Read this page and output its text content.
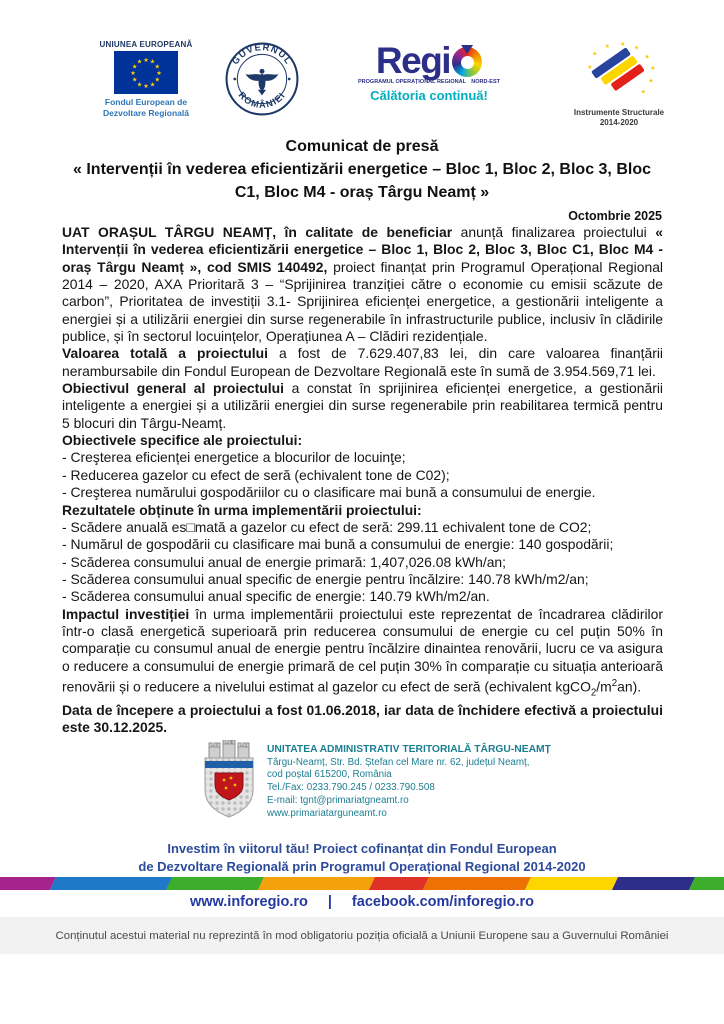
UNIUNEA EUROPEANĂ
★ ★
★
★
★
★
★
★
★
★
★
★
Fondul European de Dezvoltare Regională
GUVERNUL
ROMÂNIEI
Regi
PROGRAMUL OPERAȚIONAL REGIONAL NORD-EST
Călătoria continuă!
★
★
★ ★
★
★
★
★
★
Instrumente Structurale
2014-2020
Comunicat de presă
« Intervenții în vederea eficientizării energetice – Bloc 1, Bloc 2, Bloc 3, Bloc C1, Bloc M4 - oraș Târgu Neamț »
Octombrie 2025

UAT ORAȘUL TÂRGU NEAMȚ, în calitate de beneficiar anunță finalizarea proiectului « Intervenții în vederea eficientizării energetice – Bloc 1, Bloc 2, Bloc 3, Bloc C1, Bloc M4 - oraș Târgu Neamț », cod SMIS 140492, proiect finanțat prin Programul Operațional Regional 2014 – 2020, AXA Prioritară 3 – “Sprijinirea tranziției către o economie cu emisii scăzute de carbon”, Prioritatea de investiții 3.1- Sprijinirea eficienței energetice, a gestionării inteligente a energiei și a utilizării energiei din surse regenerabile în infrastructurile publice, inclusiv în clădirile publice, și în sectorul locuințelor, Operațiunea A – Clădiri rezidențiale.

Valoarea totală a proiectului a fost de 7.629.407,83 lei, din care valoarea finanțării nerambursabile din Fondul European de Dezvoltare Regională este în sumă de 3.954.569,71 lei.

Obiectivul general al proiectului a constat în sprijinirea eficienței energetice, a gestionării inteligente a energiei și a utilizării energiei din surse regenerabile prin reabilitarea termică pentru 5 blocuri din Târgu-Neamț.

Obiectivele specifice ale proiectului:

- Creşterea eficienței energetice a blocurilor de locuinţe;

- Reducerea gazelor cu efect de seră (echivalent tone de C02);

- Creşterea numărului gospodăriilor cu o clasificare mai bună a consumului de energie.

Rezultatele obținute în urma implementării proiectului:

- Scădere anuală es□mată a gazelor cu efect de seră: 299.11 echivalent tone de CO2;

- Numărul de gospodării cu clasificare mai bună a consumului de energie: 140 gospodării;

- Scăderea consumului anual de energie primară: 1,407,026.08 kWh/an;

- Scăderea consumului anual specific de energie pentru încălzire: 140.78 kWh/m2/an;

- Scăderea consumului anual specific de energie: 140.79 kWh/m2/an.

Impactul investiției în urma implementării proiectului este reprezentat de încadrarea clădirilor într-o clasă energetică superioară prin reducerea consumului de energie cu cel puțin 50% în comparație cu consumul anual de energie pentru încălzire dinaintea renovării, lucru ce va asigura o reducere a consumului de energie primară de cel puțin 30% în comparație cu situația anterioară renovării și o reducere a nivelului estimat al gazelor cu efect de seră (echivalent $kgCO_2/m^2an$).

Data de începere a proiectului a fost 01.06.2018, iar data de închidere efectivă a proiectului este 30.12.2025.

UNITATEA ADMINISTRATIV TERITORIALĂ TÂRGU-NEAMȚ
Târgu-Neamț, Str. Bd. Ștefan cel Mare nr. 62, județul Neamț,
cod poștal 615200, România
Tel./Fax: 0233.790.245 / 0233.790.508
E-mail: tgnt@primariatgneamt.ro
www.primariatarguneamt.ro
Investim în viitorul tău! Proiect cofinanțat din Fondul European
de Dezvoltare Regională prin Programul Operațional Regional 2014-2020
www.inforegio.ro | facebook.com/inforegio.ro

Conținutul acestui material nu reprezintă în mod obligatoriu poziția oficială a Uniunii Europene sau a Guvernului României
